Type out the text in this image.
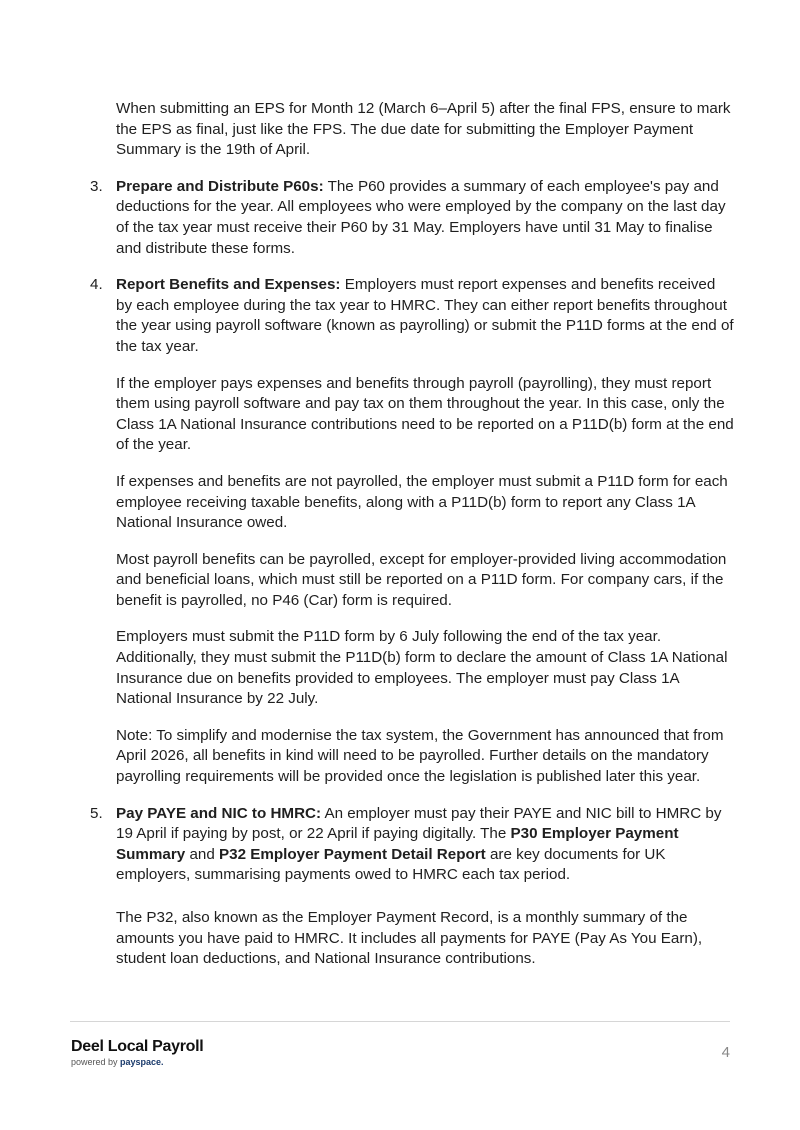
When submitting an EPS for Month 12 (March 6–April 5) after the final FPS, ensure to mark the EPS as final, just like the FPS. The due date for submitting the Employer Payment Summary is the 19th of April.

3. Prepare and Distribute P60s: The P60 provides a summary of each employee's pay and deductions for the year. All employees who were employed by the company on the last day of the tax year must receive their P60 by 31 May. Employers have until 31 May to finalise and distribute these forms.

4. Report Benefits and Expenses: Employers must report expenses and benefits received by each employee during the tax year to HMRC. They can either report benefits throughout the year using payroll software (known as payrolling) or submit the P11D forms at the end of the tax year.

If the employer pays expenses and benefits through payroll (payrolling), they must report them using payroll software and pay tax on them throughout the year. In this case, only the Class 1A National Insurance contributions need to be reported on a P11D(b) form at the end of the year.

If expenses and benefits are not payrolled, the employer must submit a P11D form for each employee receiving taxable benefits, along with a P11D(b) form to report any Class 1A National Insurance owed.

Most payroll benefits can be payrolled, except for employer-provided living accommodation and beneficial loans, which must still be reported on a P11D form. For company cars, if the benefit is payrolled, no P46 (Car) form is required.

Employers must submit the P11D form by 6 July following the end of the tax year. Additionally, they must submit the P11D(b) form to declare the amount of Class 1A National Insurance due on benefits provided to employees. The employer must pay Class 1A National Insurance by 22 July.

Note: To simplify and modernise the tax system, the Government has announced that from April 2026, all benefits in kind will need to be payrolled. Further details on the mandatory payrolling requirements will be provided once the legislation is published later this year.

5. Pay PAYE and NIC to HMRC: An employer must pay their PAYE and NIC bill to HMRC by 19 April if paying by post, or 22 April if paying digitally. The P30 Employer Payment Summary and P32 Employer Payment Detail Report are key documents for UK employers, summarising payments owed to HMRC each tax period.

The P32, also known as the Employer Payment Record, is a monthly summary of the amounts you have paid to HMRC. It includes all payments for PAYE (Pay As You Earn), student loan deductions, and National Insurance contributions.

Deel Local Payroll
powered by payspace.
4
